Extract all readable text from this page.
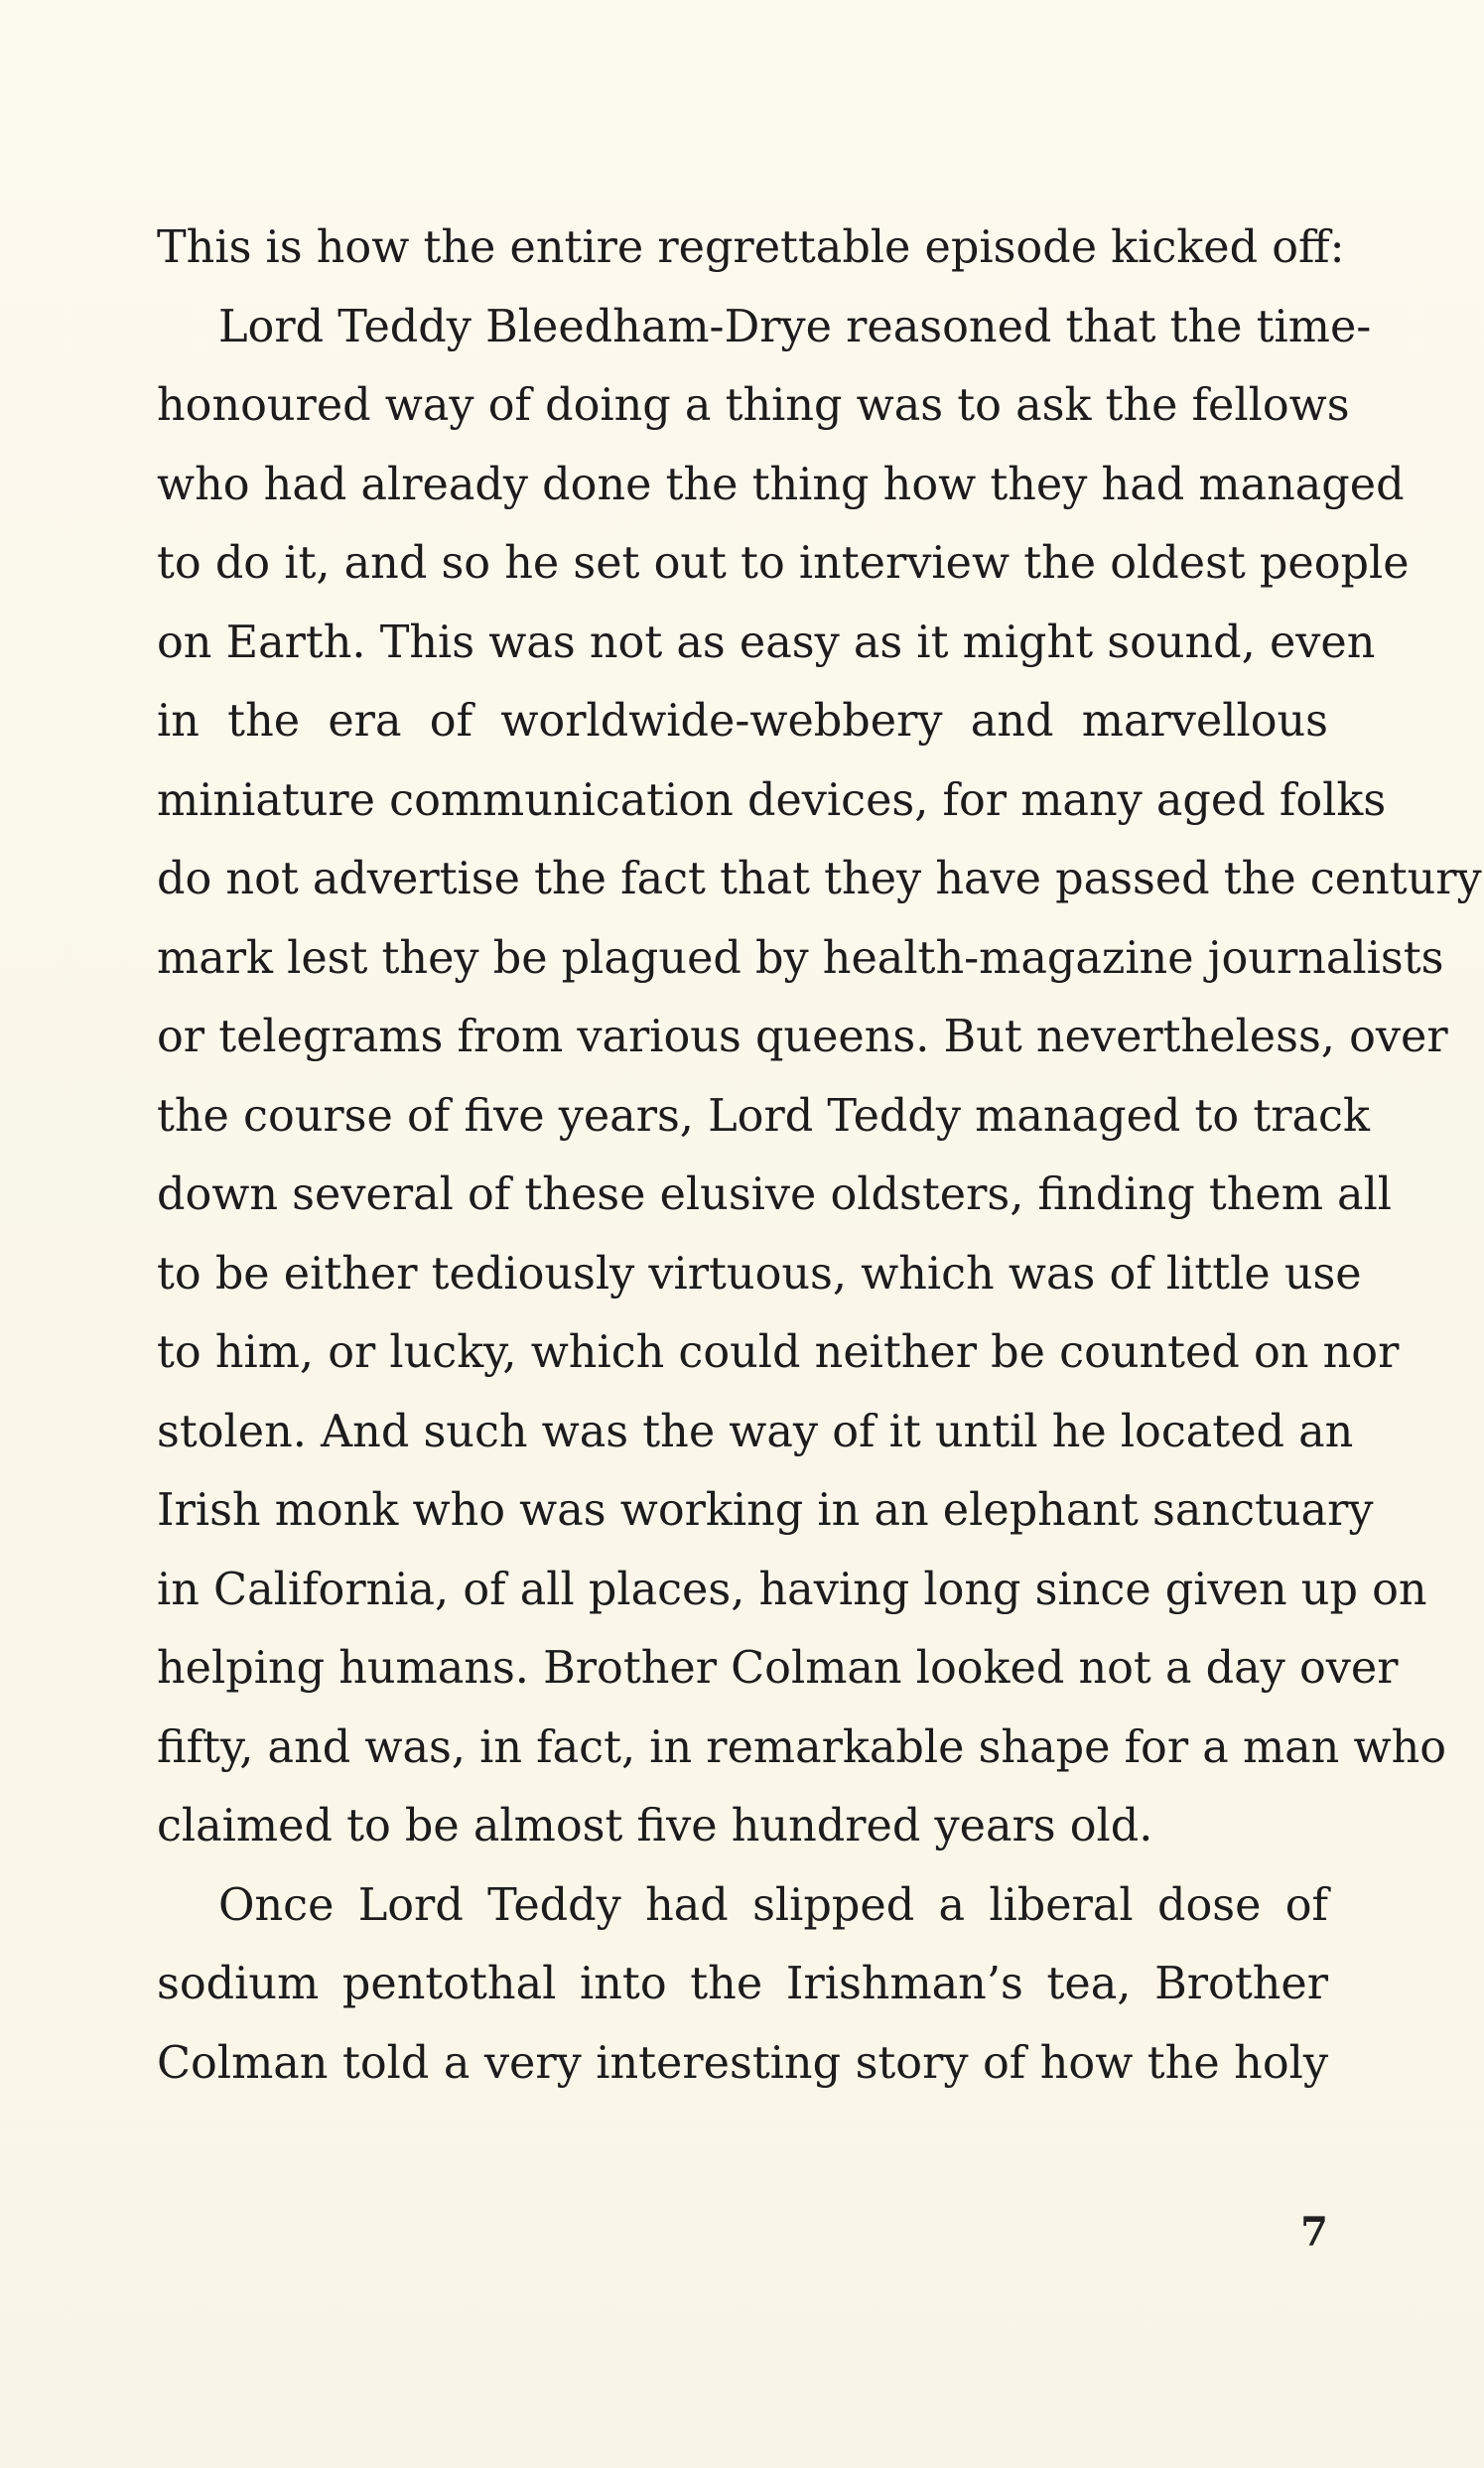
This is how the entire regrettable episode kicked off:
Lord Teddy Bleedham-Drye reasoned that the time-
honoured way of doing a thing was to ask the fellows
who had already done the thing how they had managed
to do it, and so he set out to interview the oldest people
on Earth. This was not as easy as it might sound, even
in the era of worldwide-webbery and marvellous
miniature communication devices, for many aged folks
do not advertise the fact that they have passed the century
mark lest they be plagued by health-magazine journalists
or telegrams from various queens. But nevertheless, over
the course of five years, Lord Teddy managed to track
down several of these elusive oldsters, finding them all
to be either tediously virtuous, which was of little use
to him, or lucky, which could neither be counted on nor
stolen. And such was the way of it until he located an
Irish monk who was working in an elephant sanctuary
in California, of all places, having long since given up on
helping humans. Brother Colman looked not a day over
fifty, and was, in fact, in remarkable shape for a man who
claimed to be almost five hundred years old.
Once Lord Teddy had slipped a liberal dose of
sodium pentothal into the Irishman’s tea, Brother
Colman told a very interesting story of how the holy
7
